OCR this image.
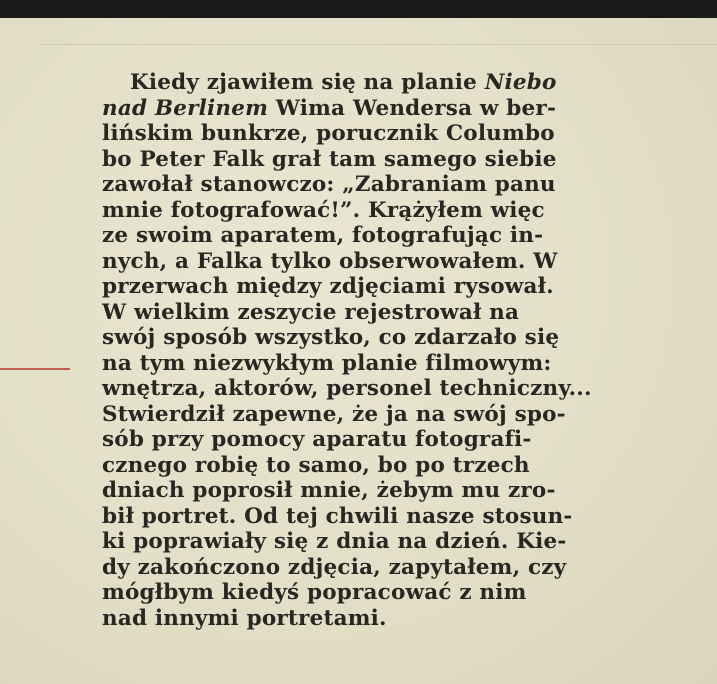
Kiedy zjawiłem się na planie Niebo
nad Berlinem Wima Wendersa w ber-
lińskim bunkrze, porucznik Columbo
bo Peter Falk grał tam samego siebie
zawołał stanowczo: „Zabraniam panu
mnie fotografować!”. Krążyłem więc
ze swoim aparatem, fotografując in-
nych, a Falka tylko obserwowałem. W
przerwach między zdjęciami rysował.
W wielkim zeszycie rejestrował na
swój sposób wszystko, co zdarzało się
na tym niezwykłym planie filmowym:
wnętrza, aktorów, personel techniczny...
Stwierdził zapewne, że ja na swój spo-
sób przy pomocy aparatu fotografi-
cznego robię to samo, bo po trzech
dniach poprosił mnie, żebym mu zro-
bił portret. Od tej chwili nasze stosun-
ki poprawiały się z dnia na dzień. Kie-
dy zakończono zdjęcia, zapytałem, czy
mógłbym kiedyś popracować z nim
nad innymi portretami.
